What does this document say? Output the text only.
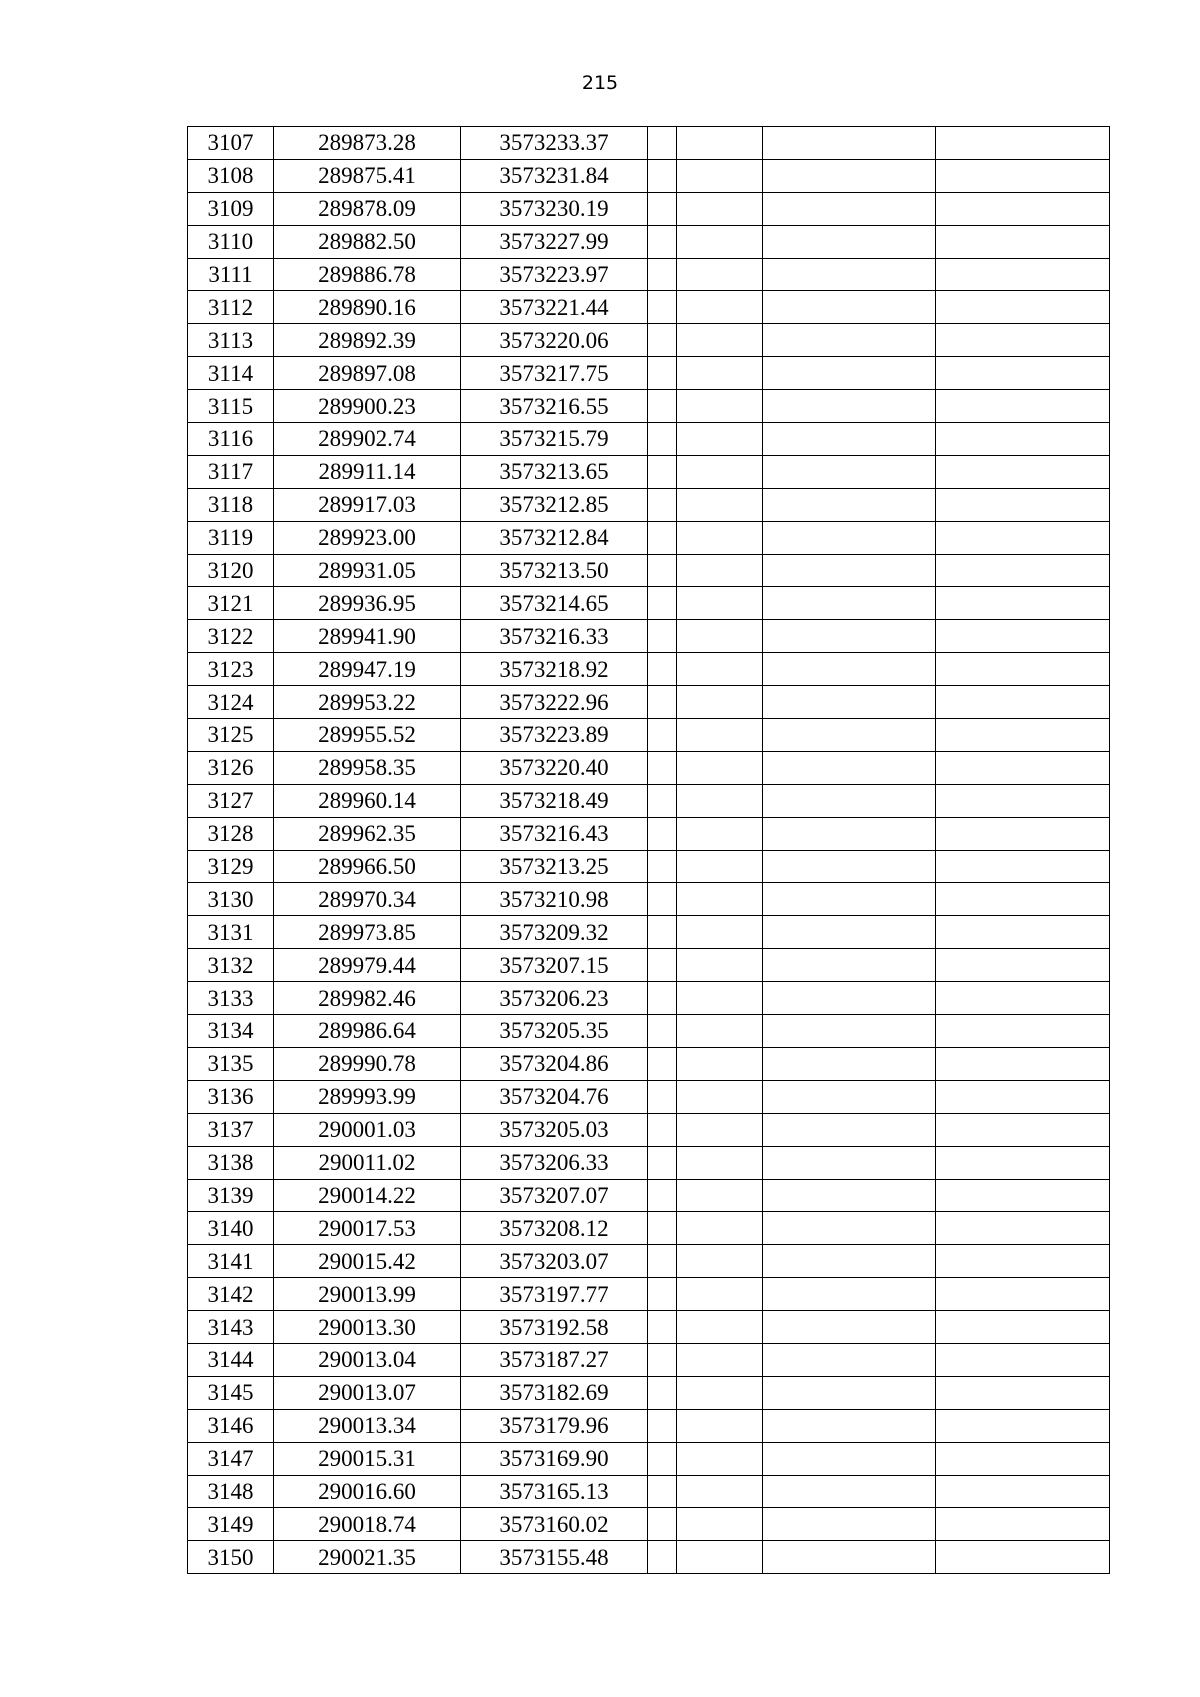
215
3107	289873.28	3573233.37				
3108	289875.41	3573231.84				
3109	289878.09	3573230.19				
3110	289882.50	3573227.99				
3111	289886.78	3573223.97				
3112	289890.16	3573221.44				
3113	289892.39	3573220.06				
3114	289897.08	3573217.75				
3115	289900.23	3573216.55				
3116	289902.74	3573215.79				
3117	289911.14	3573213.65				
3118	289917.03	3573212.85				
3119	289923.00	3573212.84				
3120	289931.05	3573213.50				
3121	289936.95	3573214.65				
3122	289941.90	3573216.33				
3123	289947.19	3573218.92				
3124	289953.22	3573222.96				
3125	289955.52	3573223.89				
3126	289958.35	3573220.40				
3127	289960.14	3573218.49				
3128	289962.35	3573216.43				
3129	289966.50	3573213.25				
3130	289970.34	3573210.98				
3131	289973.85	3573209.32				
3132	289979.44	3573207.15				
3133	289982.46	3573206.23				
3134	289986.64	3573205.35				
3135	289990.78	3573204.86				
3136	289993.99	3573204.76				
3137	290001.03	3573205.03				
3138	290011.02	3573206.33				
3139	290014.22	3573207.07				
3140	290017.53	3573208.12				
3141	290015.42	3573203.07				
3142	290013.99	3573197.77				
3143	290013.30	3573192.58				
3144	290013.04	3573187.27				
3145	290013.07	3573182.69				
3146	290013.34	3573179.96				
3147	290015.31	3573169.90				
3148	290016.60	3573165.13				
3149	290018.74	3573160.02				
3150	290021.35	3573155.48				
